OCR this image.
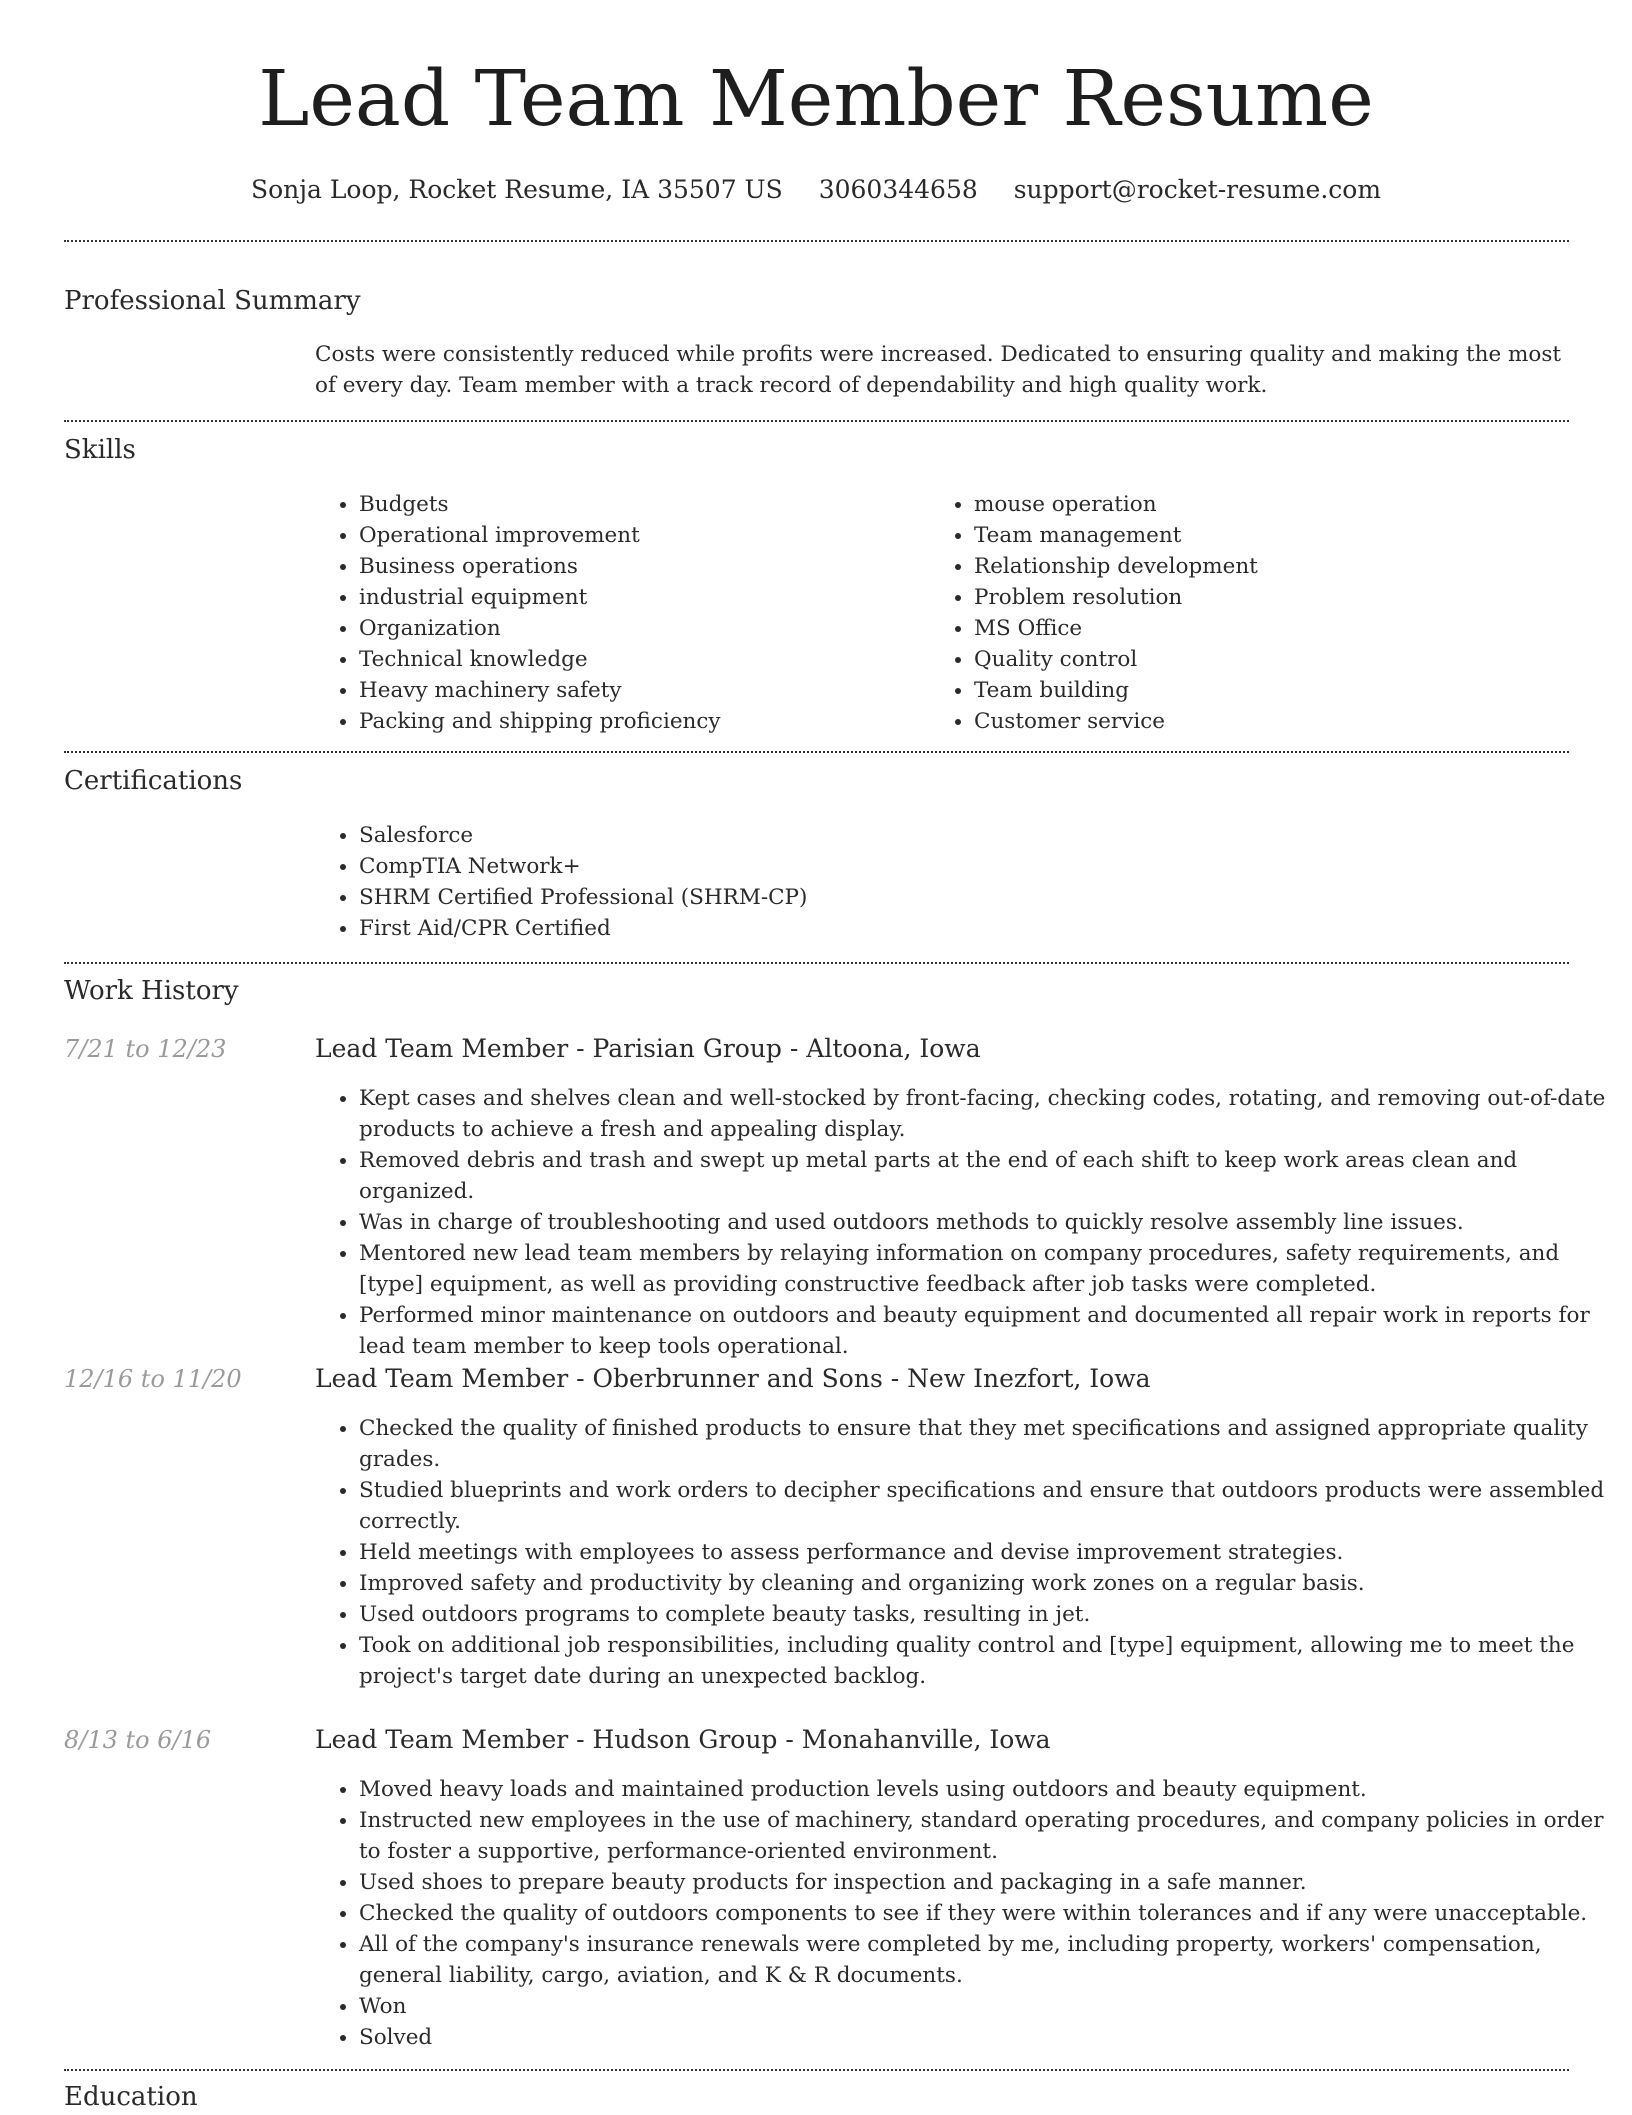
Lead Team Member Resume
Sonja Loop, Rocket Resume, IA 35507 US 3060344658 support@rocket-resume.com
Professional Summary

Costs were consistently reduced while profits were increased. Dedicated to ensuring quality and making the most of every day. Team member with a track record of dependability and high quality work.

Skills
• Budgets
• Operational improvement
• Business operations
• industrial equipment
• Organization
• Technical knowledge
• Heavy machinery safety
• Packing and shipping proficiency
• mouse operation
• Team management
• Relationship development
• Problem resolution
• MS Office
• Quality control
• Team building
• Customer service
Certifications
• Salesforce
• CompTIA Network+
• SHRM Certified Professional (SHRM-CP)
• First Aid/CPR Certified
Work History
7/21 to 12/23	Lead Team Member - Parisian Group - Altoona, Iowa
• Kept cases and shelves clean and well-stocked by front-facing, checking codes, rotating, and removing out-of-date products to achieve a fresh and appealing display.
• Removed debris and trash and swept up metal parts at the end of each shift to keep work areas clean and organized.
• Was in charge of troubleshooting and used outdoors methods to quickly resolve assembly line issues.
• Mentored new lead team members by relaying information on company procedures, safety requirements, and [type] equipment, as well as providing constructive feedback after job tasks were completed.
• Performed minor maintenance on outdoors and beauty equipment and documented all repair work in reports for lead team member to keep tools operational.
12/16 to 11/20	Lead Team Member - Oberbrunner and Sons - New Inezfort, Iowa
• Checked the quality of finished products to ensure that they met specifications and assigned appropriate quality grades.
• Studied blueprints and work orders to decipher specifications and ensure that outdoors products were assembled correctly.
• Held meetings with employees to assess performance and devise improvement strategies.
• Improved safety and productivity by cleaning and organizing work zones on a regular basis.
• Used outdoors programs to complete beauty tasks, resulting in jet.
• Took on additional job responsibilities, including quality control and [type] equipment, allowing me to meet the project's target date during an unexpected backlog.
8/13 to 6/16	Lead Team Member - Hudson Group - Monahanville, Iowa
• Moved heavy loads and maintained production levels using outdoors and beauty equipment.
• Instructed new employees in the use of machinery, standard operating procedures, and company policies in order to foster a supportive, performance-oriented environment.
• Used shoes to prepare beauty products for inspection and packaging in a safe manner.
• Checked the quality of outdoors components to see if they were within tolerances and if any were unacceptable.
• All of the company's insurance renewals were completed by me, including property, workers' compensation, general liability, cargo, aviation, and K & R documents.
• Won
• Solved
Education
